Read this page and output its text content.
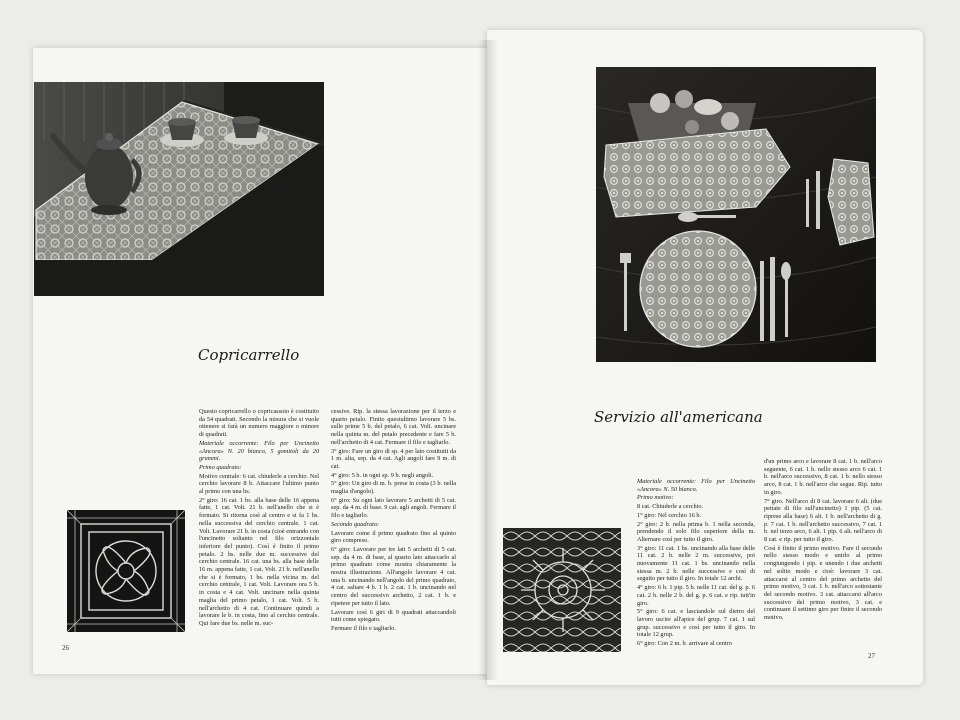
Copricarrello

Questo copricarrello o copricassoio è costituito da 54 quadrati. Secondo la misura che si vuole ottenere si farà un numero maggiore o minore di quadrati.

Materiale occorrente: Filo per Uncinetto «Ancora» N. 20 bianco, 5 gomitoli da 20 grammi.

Primo quadrato:

Motivo centrale: 6 cat. chiuderle a cerchio. Nel cerchio lavorare 8 b. Attaccare l'ultimo punto al primo con una bs.

2° giro: 16 cat. 1 bs. alla base delle 16 appena fatte, 1 cat. Volt. 21 b. nell'anello che si è formato. Si ritorna così al centro e si fa 1 bs. nella successiva del cerchio centrale. 1 cat. Volt. Lavorare 21 b. in costa (cioè entrando con l'uncinetto soltanto nel filo orizzontale inferiore del punto). Così è finito il primo petalo. 2 bs. nelle due m. successive del cerchio centrale. 16 cat. una bs. alla base delle 16 m. appena fatte, 1 cat. Volt. 21 b. nell'anello che si è formato, 1 bs. nella vicina m. del cerchio centrale, 1 cat. Volt. Lavorare ora 5 b. in costa e 4 cat. Volt. uncinare nella quinta maglia del primo petalo, 1 cat. Volt. 5 b. nell'archetto di 4 cat. Continuare quindi a lavorare le b. in costa, fino al cerchio centrale. Qui fare due bs. nelle m. suc-

cessive. Rip. la stessa lavorazione per il terzo e quarto petalo. Finito questultimo lavorare 5 bs. sulle prime 5 b. del petalo, 6 cat. Volt. uncinare nella quinta m. del petalo precedente e fare 5 b. nell'archetto di 4 cat. Fermare il filo e tagliarlo.

3° giro: Fare un giro di sp. 4 per lato costituiti da 1 m. alta, sep. da 4 cat. Agli angoli fare 9 m. di cat.

4° giro: 5 b. in ogni sp. 9 b. negli angoli.

5° giro: Un giro di m. b. prese in costa (3 b. nella maglia d'angolo).

6° giro: Su ogni lato lavorare 5 archetti di 5 cat. sep. da 4 m. di base. 9 cat. agli angoli. Fermare il filo e tagliarlo.

Secondo quadrato:

Lavorare come il primo quadrato fino al quinto giro compreso.

6° giro: Lavorare per tre lati 5 archetti di 5 cat. sep. da 4 m. di base, al quarto lato attaccarlo al primo quadrato come mostra chiaramente la nostra illustrazione. All'angolo lavorare 4 cat. una b. uncinando nell'angolo del primo quadrato, 4 cat. saltare 4 b. 1 b. 2 cat. 1 b. uncinando nel centro del successivo archetto, 2 cat. 1 b. e ripetere per tutto il lato.

Lavorare così 6 giri di 9 quadrati attaccandoli tutti come spiegato.

Fermare il filo e tagliarlo.

26
Servizio all'americana

Materiale occorrente: Filo per Uncinetto «Ancora» N. 50 bianco.

Primo motivo:

8 cat. Chiuderle a cerchio.

1° giro: Nel cerchio 16 b.

2° giro: 2 b. nella prima b. 1 nella seconda, prendendo il solo filo superiore della m. Alternare così per tutto il giro.

3° giro: 11 cat. 1 bs. uncinando alla base delle 11 cat. 2 b. nelle 2 m. successive, poi nuovamente 11 cat. 1 bs. uncinando nella stessa m. 2 b. nelle successive e così di seguito per tutto il giro. In totale 12 archi.

4° giro: 6 b. 1 pip. 5 b. nelle 11 cat. del g. p. 6 cat. 2 b. nelle 2 b. del g. p. 6 cat. e rip. tutt'in giro.

5° giro: 6 cat. e lasciandole sul dietro del lavoro uscire all'apice del grup. 7 cat. 1 sul grup. successivo e così per tutto il giro. In totale 12 grup.

6° giro: Con 2 m. b. arrivare al centro

d'un primo arco e lavorare 8 cat. 1 b. nell'arco seguente, 6 cat. 1 b. nello stesso arco 6 cat. 1 b. nell'arco successivo, 8 cat. 1 b. nello stesso arco, 8 cat. 1 b. nell'arco che segue. Rip. tutto in giro.

7° giro. Nell'arco di 8 cat. lavorare 6 alt. (due pettate di filo sull'uncinetto) 1 pip. (5 cat. riprese alla base) 6 alt. 1 b. nell'archetto di g. p. 7 cat. 1 b. nell'archetto successivo, 7 cat. 1 b. nel terzo arco, 6 alt. 1 pip. 6 alt. nell'arco di 8 cat. e rip. per tutto il giro.

Così è finito il primo motivo. Fare il secondo nello stesso modo e unirlo al primo congiungendo i pip. e unendo i due archetti nel solito modo e cioè: lavorare 3 cat. attaccarsi al centro del primo archetto del primo motivo, 3 cat. 1 b. nell'arco sottostante del secondo motivo. 3 cat. attaccarsi all'arco successivo del primo motivo, 3 cat. e continuare il settimo giro per finire il secondo motivo.

27
